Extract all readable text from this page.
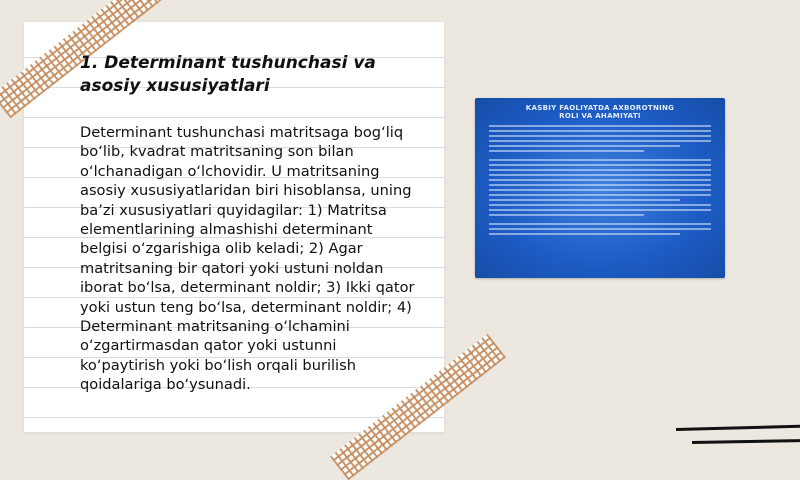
1. Determinant tushunchasi va asosiy xususiyatlari
Determinant tushunchasi matritsaga bog‘liq bo‘lib, kvadrat matritsaning son bilan o‘lchanadigan o‘lchovidir. U matritsaning asosiy xususiyatlaridan biri hisoblansa, uning ba’zi xususiyatlari quyidagilar: 1) Matritsa elementlarining almashishi determinant belgisi o‘zgarishiga olib keladi; 2) Agar matritsaning bir qatori yoki ustuni noldan iborat bo‘lsa, determinant noldir; 3) Ikki qator yoki ustun teng bo‘lsa, determinant noldir; 4) Determinant matritsaning o‘lchamini o‘zgartirmasdan qator yoki ustunni ko‘paytirish yoki bo‘lish orqali burilish qoidalariga bo‘ysunadi.
KASBIY FAOLIYATDA AXBOROTNING
ROLI VA AHAMIYATI
